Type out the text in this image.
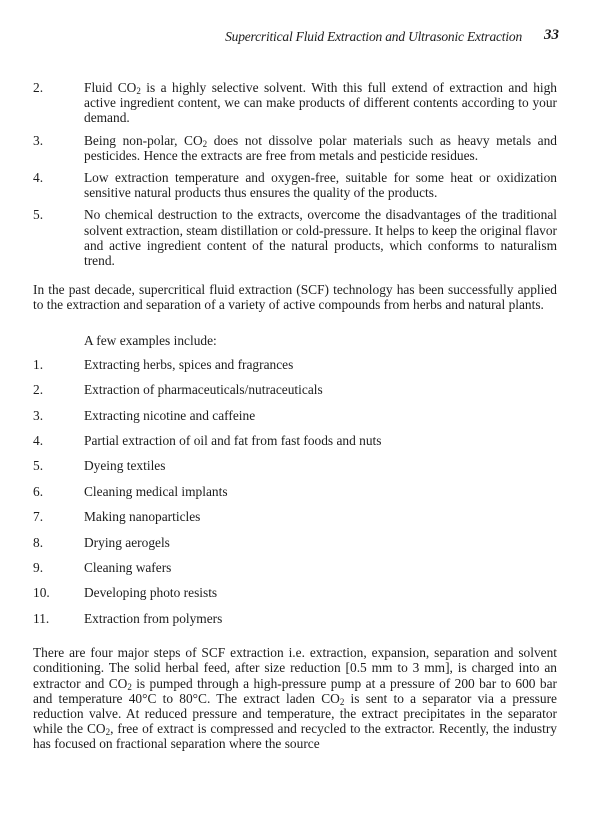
Supercritical Fluid Extraction and Ultrasonic Extraction 33
2.	Fluid $CO_2$ is a highly selective solvent. With this full extend of extraction and high active ingredient content, we can make products of different contents according to your demand.
3.	Being non-polar, $CO_2$ does not dissolve polar materials such as heavy metals and pesticides. Hence the extracts are free from metals and pesticide residues.
4.	Low extraction temperature and oxygen-free, suitable for some heat or oxidization sensitive natural products thus ensures the quality of the products.
5.	No chemical destruction to the extracts, overcome the disadvantages of the traditional solvent extraction, steam distillation or cold-pressure. It helps to keep the original flavor and active ingredient content of the natural products, which conforms to naturalism trend.

In the past decade, supercritical fluid extraction (SCF) technology has been successfully applied to the extraction and separation of a variety of active compounds from herbs and natural plants.

A few examples include:
1.	Extracting herbs, spices and fragrances
2.	Extraction of pharmaceuticals/nutraceuticals
3.	Extracting nicotine and caffeine
4.	Partial extraction of oil and fat from fast foods and nuts
5.	Dyeing textiles
6.	Cleaning medical implants
7.	Making nanoparticles
8.	Drying aerogels
9.	Cleaning wafers
10.	Developing photo resists
11.	Extraction from polymers

There are four major steps of SCF extraction i.e. extraction, expansion, separation and solvent conditioning. The solid herbal feed, after size reduction [0.5 mm to 3 mm], is charged into an extractor and $CO_2$ is pumped through a high-pressure pump at a pressure of 200 bar to 600 bar and temperature 40°C to 80°C. The extract laden $CO_2$ is sent to a separator via a pressure reduction valve. At reduced pressure and temperature, the extract precipitates in the separator while the $CO_2$, free of extract is compressed and recycled to the extractor. Recently, the industry has focused on fractional separation where the source
